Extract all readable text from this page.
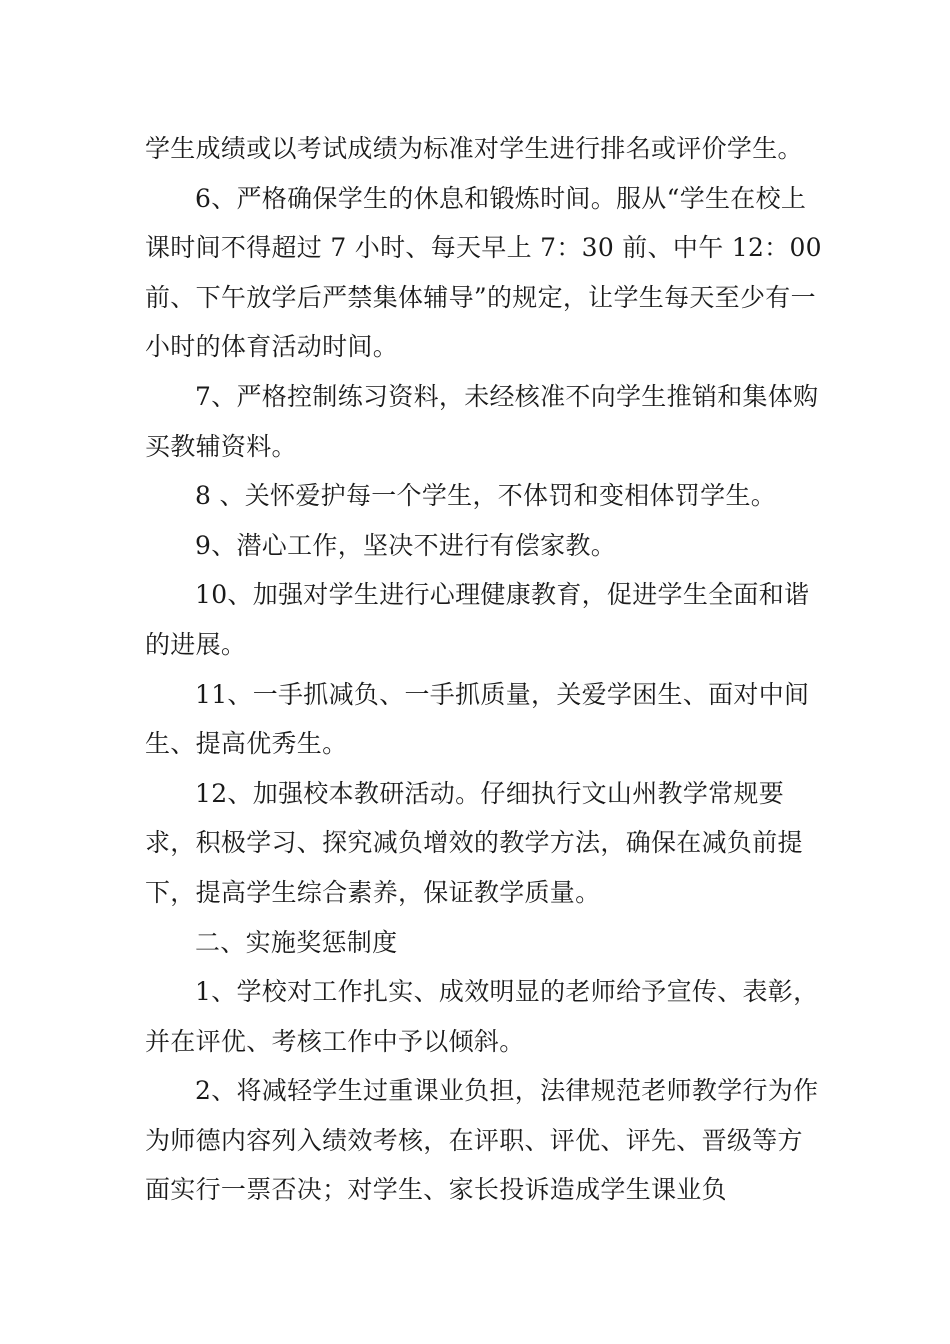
学生成绩或以考试成绩为标准对学生进行排名或评价学生。

6、严格确保学生的休息和锻炼时间。服从“学生在校上课时间不得超过 7 小时、每天早上 7：30 前、中午 12：00 前、下午放学后严禁集体辅导”的规定，让学生每天至少有一小时的体育活动时间。

7、严格控制练习资料，未经核准不向学生推销和集体购买教辅资料。

8 、关怀爱护每一个学生，不体罚和变相体罚学生。

9、潜心工作，坚决不进行有偿家教。

10、加强对学生进行心理健康教育，促进学生全面和谐的进展。

11、一手抓减负、一手抓质量，关爱学困生、面对中间生、提高优秀生。

12、加强校本教研活动。仔细执行文山州教学常规要求，积极学习、探究减负增效的教学方法，确保在减负前提下，提高学生综合素养，保证教学质量。

二、实施奖惩制度

1、学校对工作扎实、成效明显的老师给予宣传、表彰，并在评优、考核工作中予以倾斜。

2、将减轻学生过重课业负担，法律规范老师教学行为作为师德内容列入绩效考核，在评职、评优、评先、晋级等方面实行一票否决；对学生、家长投诉造成学生课业负
